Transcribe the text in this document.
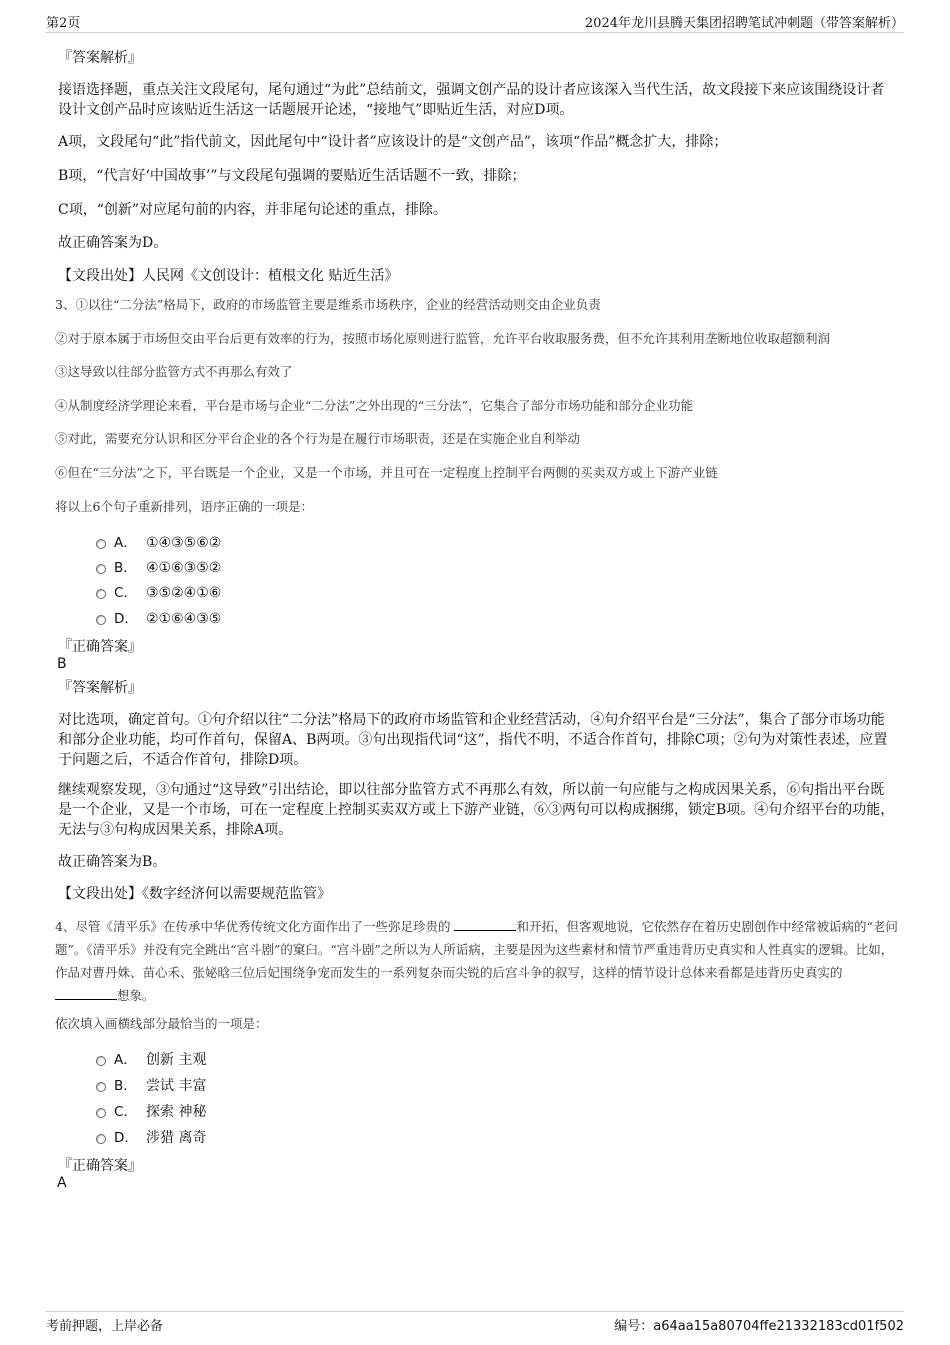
第2页	2024年龙川县腾天集团招聘笔试冲刺题（带答案解析）
『答案解析』
接语选择题，重点关注文段尾句，尾句通过“为此”总结前文，强调文创产品的设计者应该深入当代生活，故文段接下来应该围绕设计者设计文创产品时应该贴近生活这一话题展开论述，“接地气”即贴近生活，对应D项。
A项，文段尾句“此”指代前文，因此尾句中“设计者”应该设计的是“文创产品”，该项“作品”概念扩大，排除；
B项，“代言好‘中国故事’”与文段尾句强调的要贴近生活话题不一致，排除；
C项，“创新”对应尾句前的内容，并非尾句论述的重点，排除。
故正确答案为D。
【文段出处】人民网《文创设计：植根文化 贴近生活》
3、①以往“二分法”格局下，政府的市场监管主要是维系市场秩序，企业的经营活动则交由企业负责
②对于原本属于市场但交由平台后更有效率的行为，按照市场化原则进行监管，允许平台收取服务费，但不允许其利用垄断地位收取超额利润
③这导致以往部分监管方式不再那么有效了
④从制度经济学理论来看，平台是市场与企业“二分法”之外出现的“三分法”，它集合了部分市场功能和部分企业功能
⑤对此，需要充分认识和区分平台企业的各个行为是在履行市场职责，还是在实施企业自利举动
⑥但在“三分法”之下，平台既是一个企业，又是一个市场，并且可在一定程度上控制平台两侧的买卖双方或上下游产业链
将以上6个句子重新排列，语序正确的一项是：
A． ①④③⑤⑥②
B． ④①⑥③⑤②
C． ③⑤②④①⑥
D． ②①⑥④③⑤
『正确答案』
B
『答案解析』
对比选项，确定首句。①句介绍以往“二分法”格局下的政府市场监管和企业经营活动，④句介绍平台是“三分法”，集合了部分市场功能和部分企业功能，均可作首句，保留A、B两项。③句出现指代词“这”，指代不明，不适合作首句，排除C项；②句为对策性表述，应置于问题之后，不适合作首句，排除D项。
继续观察发现，③句通过“这导致”引出结论，即以往部分监管方式不再那么有效，所以前一句应能与之构成因果关系，⑥句指出平台既是一个企业，又是一个市场，可在一定程度上控制买卖双方或上下游产业链，⑥③两句可以构成捆绑，锁定B项。④句介绍平台的功能，无法与③句构成因果关系，排除A项。
故正确答案为B。
【文段出处】《数字经济何以需要规范监管》
4、尽管《清平乐》在传承中华优秀传统文化方面作出了一些弥足珍贵的	和开拓，但客观地说，它依然存在着历史剧创作中经常被诟病的“老问题”。《清平乐》并没有完全跳出“宫斗剧”的窠臼。“宫斗剧”之所以为人所诟病，主要是因为这些素材和情节严重违背历史真实和人性真实的逻辑。比如，作品对曹丹姝、苗心禾、张妼晗三位后妃围绕争宠而发生的一系列复杂而尖锐的后宫斗争的叙写，这样的情节设计总体来看都是违背历史真实的 想象。
依次填入画横线部分最恰当的一项是：
A． 创新 主观
B． 尝试 丰富
C． 探索 神秘
D． 涉猎 离奇
『正确答案』
A
考前押题，上岸必备	编号：a64aa15a80704ffe21332183cd01f502
